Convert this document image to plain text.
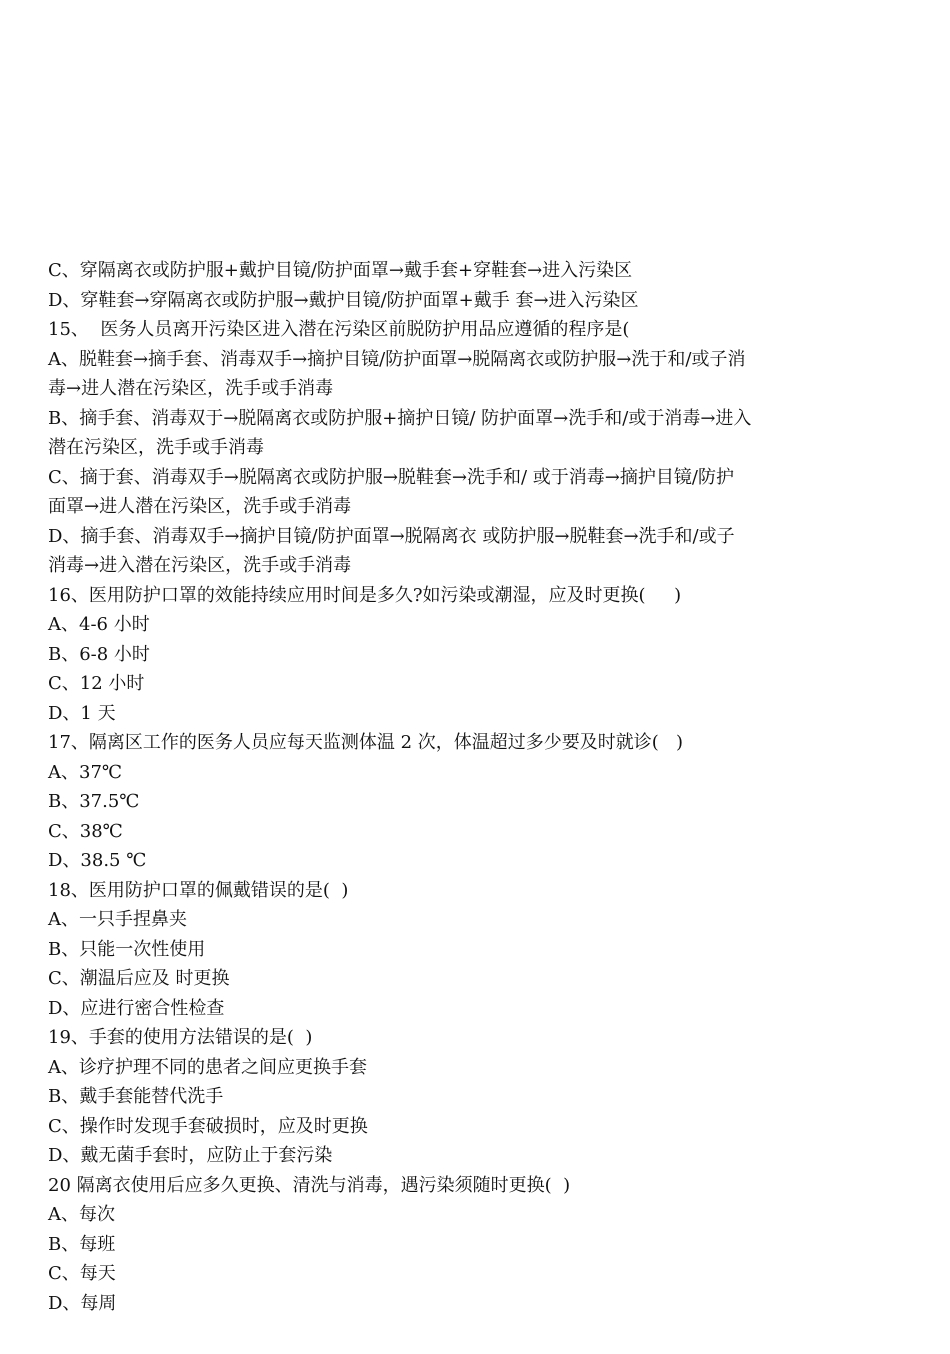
C、穿隔离衣或防护服+戴护目镜/防护面罩→戴手套+穿鞋套→进入污染区
D、穿鞋套→穿隔离衣或防护服→戴护目镜/防护面罩+戴手 套→进入污染区
15、  医务人员离开污染区进入潜在污染区前脱防护用品应遵循的程序是(
A、脱鞋套→摘手套、消毒双手→摘护目镜/防护面罩→脱隔离衣或防护服→洗于和/或子消
毒→进人潜在污染区，洗手或手消毒
B、摘手套、消毒双于→脱隔离衣或防护服+摘护日镜/ 防护面罩→洗手和/或于消毒→进入
潜在污染区，洗手或手消毒
C、摘于套、消毒双手→脱隔离衣或防护服→脱鞋套→洗手和/ 或于消毒→摘护目镜/防护
面罩→进人潜在污染区，洗手或手消毒
D、摘手套、消毒双手→摘护目镜/防护面罩→脱隔离衣 或防护服→脱鞋套→洗手和/或子
消毒→进入潜在污染区，洗手或手消毒
16、医用防护口罩的效能持续应用时间是多久?如污染或潮湿，应及时更换(     )
A、4-6 小时
B、6-8 小时
C、12 小时
D、1 天
17、隔离区工作的医务人员应每天监测体温 2 次，体温超过多少要及时就诊(   )
A、37℃
B、37.5℃
C、38℃
D、38.5 ℃
18、医用防护口罩的佩戴错误的是(  )
A、一只手捏鼻夹
B、只能一次性使用
C、潮温后应及 时更换
D、应进行密合性检查
19、手套的使用方法错误的是(  )
A、诊疗护理不同的患者之间应更换手套
B、戴手套能替代洗手
C、操作时发现手套破损时，应及时更换
D、戴无菌手套时，应防止于套污染
20 隔离衣使用后应多久更换、清洗与消毒，遇污染须随时更换(  )
A、每次
B、每班
C、每天
D、每周
